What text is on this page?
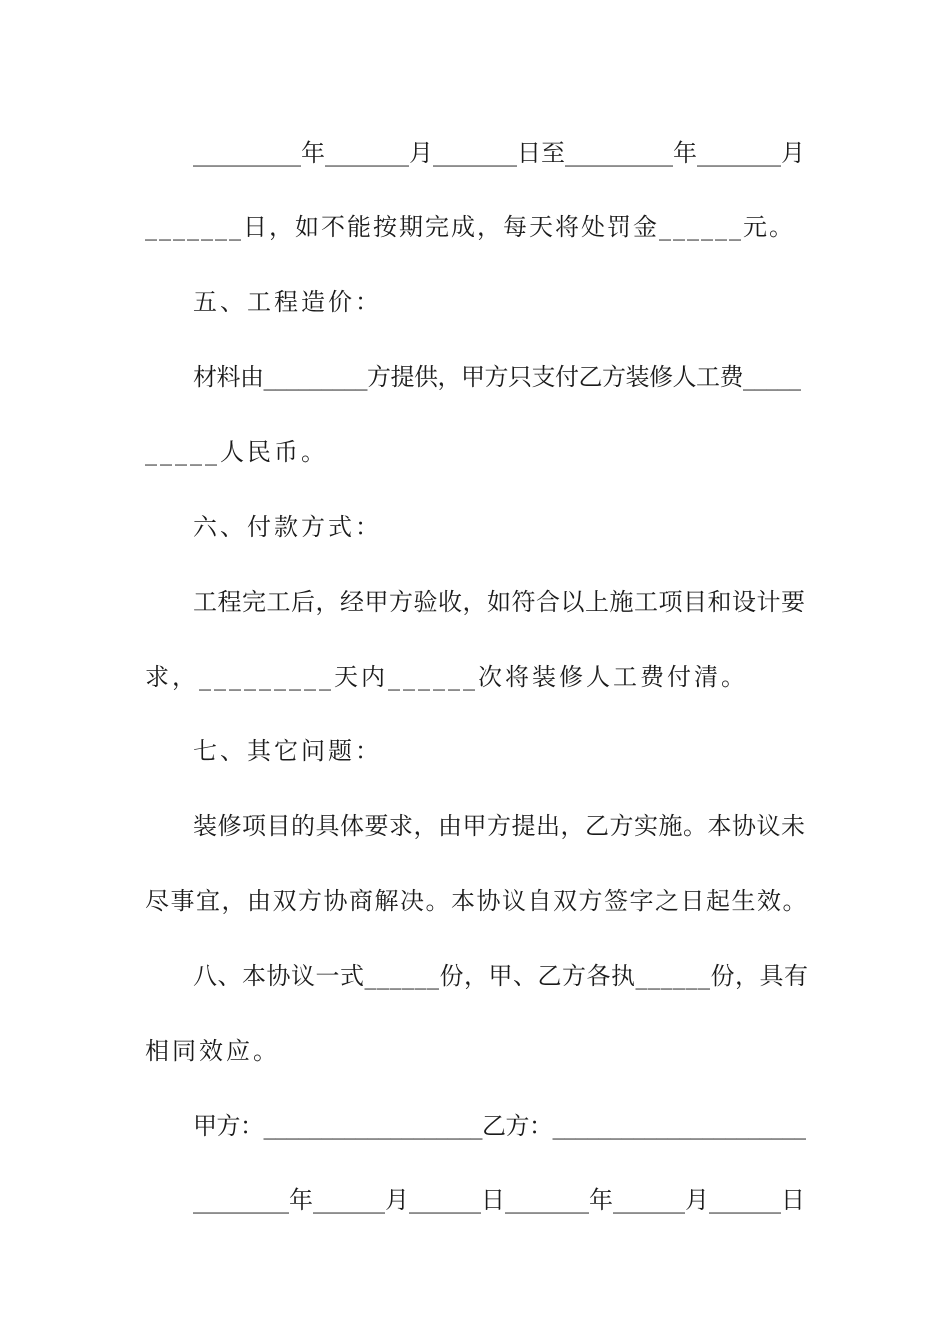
_________年_______月_______日至_________年_______月
_______日，如不能按期完成，每天将处罚金______元。
五、工程造价：
材料由_________方提供，甲方只支付乙方装修人工费_____
_____人民币。
六、付款方式：
工程完工后，经甲方验收，如符合以上施工项目和设计要
求，_________天内______次将装修人工费付清。
七、其它问题：
装修项目的具体要求，由甲方提出，乙方实施。本协议未
尽事宜，由双方协商解决。本协议自双方签字之日起生效。
八、本协议一式______份，甲、乙方各执______份，具有
相同效应。
甲方：___________________乙方：______________________
________年______月______日_______年______月______日
